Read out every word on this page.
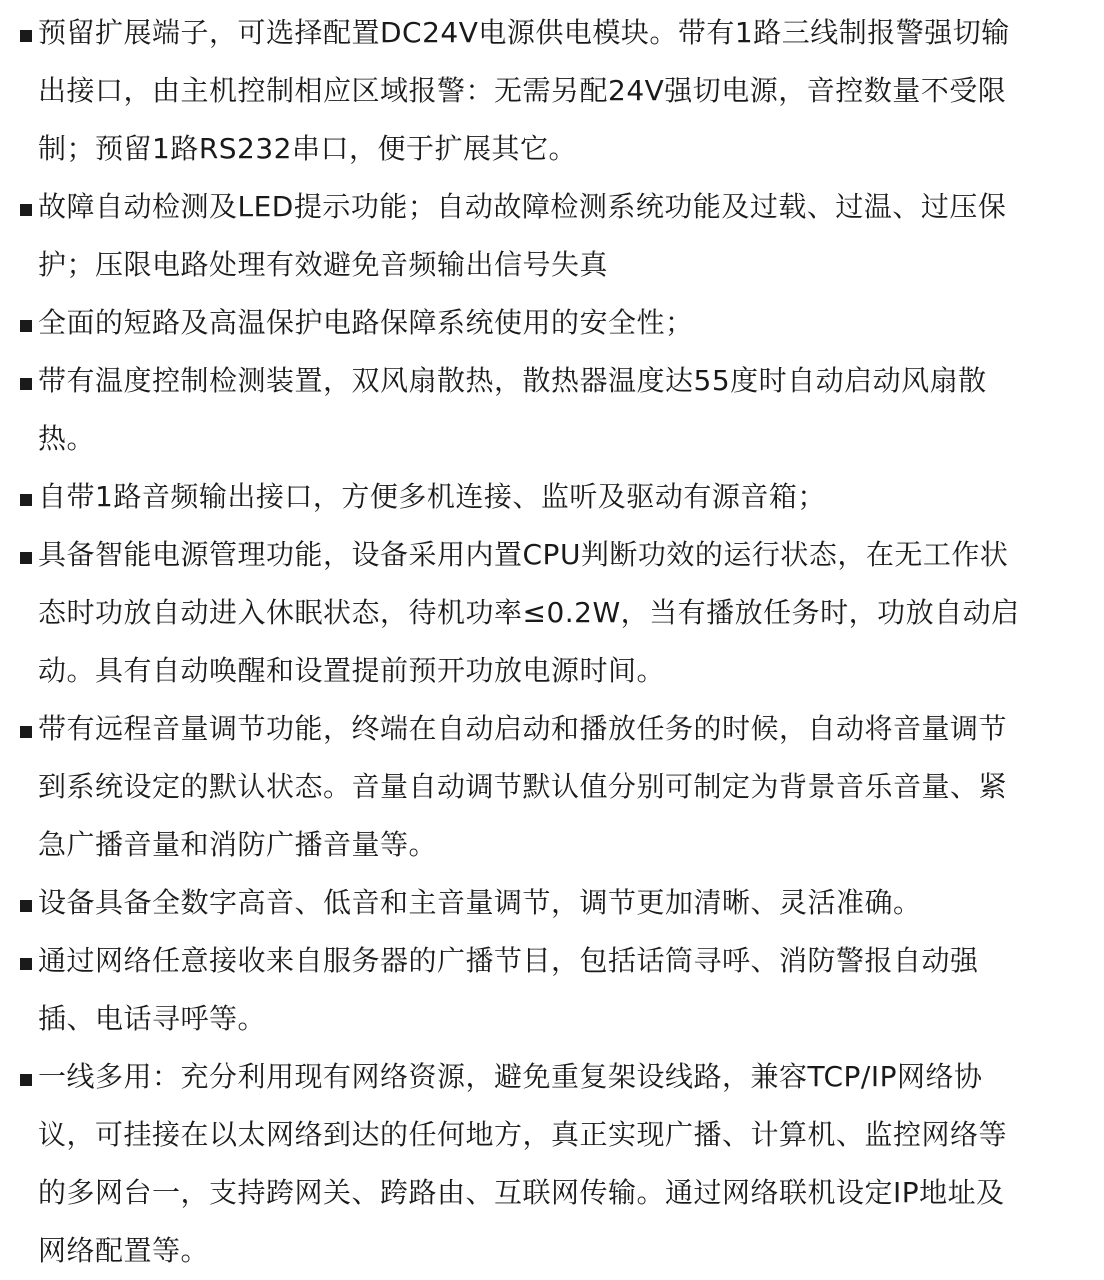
预留扩展端子，可选择配置DC24V电源供电模块。带有1路三线制报警强切输出接口，由主机控制相应区域报警：无需另配24V强切电源，音控数量不受限制；预留1路RS232串口，便于扩展其它。
故障自动检测及LED提示功能；自动故障检测系统功能及过载、过温、过压保护；压限电路处理有效避免音频输出信号失真
全面的短路及高温保护电路保障系统使用的安全性；
带有温度控制检测装置，双风扇散热，散热器温度达55度时自动启动风扇散热。
自带1路音频输出接口，方便多机连接、监听及驱动有源音箱；
具备智能电源管理功能，设备采用内置CPU判断功效的运行状态，在无工作状态时功放自动进入休眠状态，待机功率≤0.2W，当有播放任务时，功放自动启动。具有自动唤醒和设置提前预开功放电源时间。
带有远程音量调节功能，终端在自动启动和播放任务的时候，自动将音量调节到系统设定的默认状态。音量自动调节默认值分别可制定为背景音乐音量、紧急广播音量和消防广播音量等。
设备具备全数字高音、低音和主音量调节，调节更加清晰、灵活准确。
通过网络任意接收来自服务器的广播节目，包括话筒寻呼、消防警报自动强插、电话寻呼等。
一线多用：充分利用现有网络资源，避免重复架设线路，兼容TCP/IP网络协议，可挂接在以太网络到达的任何地方，真正实现广播、计算机、监控网络等的多网台一，支持跨网关、跨路由、互联网传输。通过网络联机设定IP地址及网络配置等。
